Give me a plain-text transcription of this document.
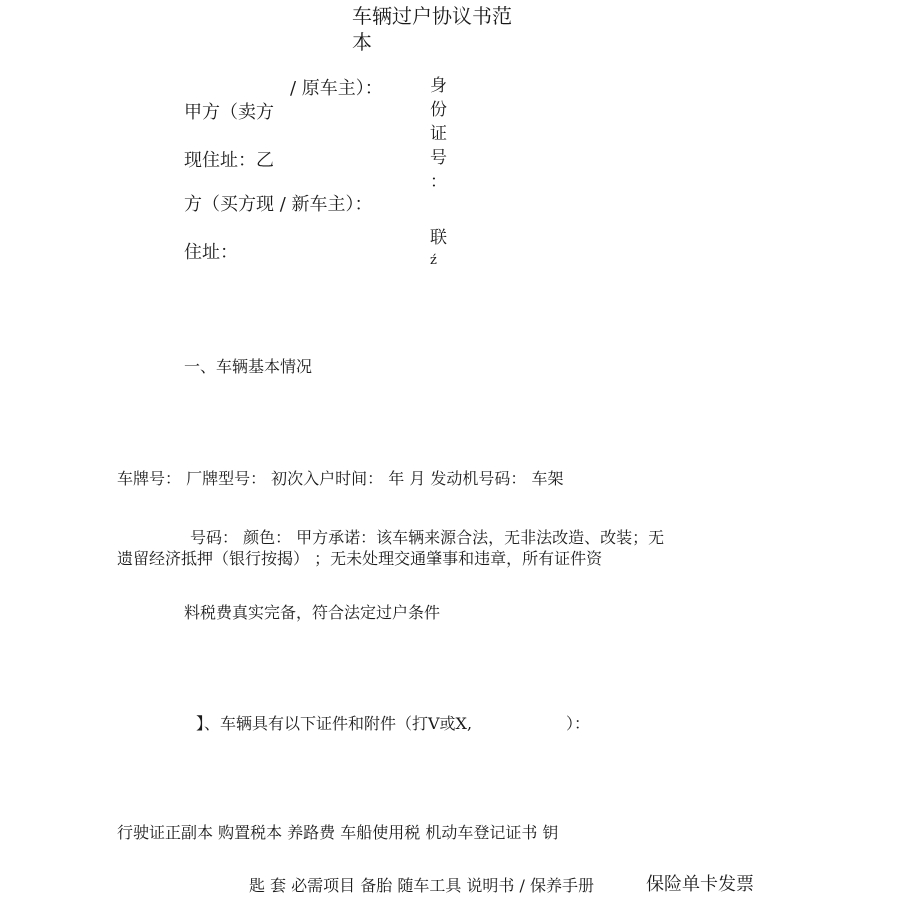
车辆过户协议书范
本
/ 原车主）：
甲方（卖方
现住址：乙
方（买方现 / 新车主）：
住址：
身
份
证
号
：
联
ź
一、车辆基本情况
车牌号： 厂牌型号： 初次入户时间： 年 月 发动机号码： 车架
号码： 颜色： 甲方承诺：该车辆来源合法，无非法改造、改装；无
遗留经济抵押（银行按揭） ；无未处理交通肇事和违章，所有证件资
料税费真实完备，符合法定过户条件
】、车辆具有以下证件和附件（打V或X,	）：
行驶证正副本 购置税本 养路费 车船使用税 机动车登记证书 钥
匙 套 必需项目 备胎 随车工具 说明书 / 保养手册	保险单卡发票
